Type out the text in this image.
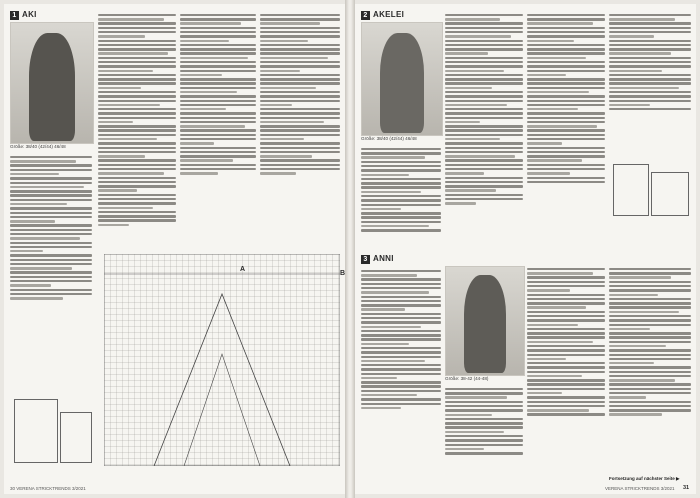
1 AKI
Größe: 38/40 (42/44) 46/48
A
B
30 VERENA STRICKTRENDS 3/2021
2 AKELEI
Größe: 38/40 (42/44) 46/48
3 ANNI
Größe: 38-42 (44-48)
Fortsetzung auf nächster Seite ▶
VERENA STRICKTRENDS 3/2021 31
